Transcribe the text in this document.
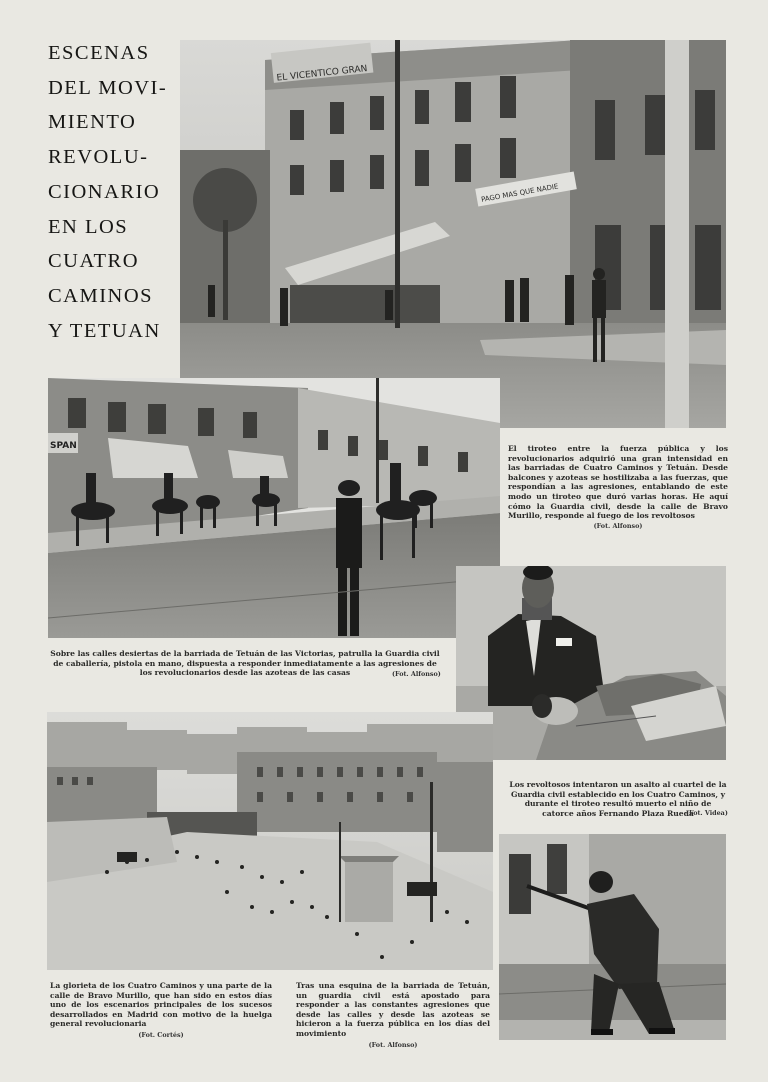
ESCENAS
DEL MOVI-
MIENTO
REVOLU-
CIONARIO
EN LOS
CUATRO
CAMINOS
Y TETUAN
EL VICENTICO GRAN
PAGO MAS QUE NADIE
SPAN	El tiroteo entre la fuerza pública y los revolucionarios adquirió una gran intensidad en las barriadas de Cuatro Caminos y Tetuán. Desde balcones y azoteas se hostilizaba a las fuerzas, que respondían a las agresiones, entablando de este modo un tiroteo que duró varias horas. He aquí cómo la Guardia civil, desde la calle de Bravo Murillo, responde al fuego de los revoltosos
(Fot. Alfonso)
Sobre las calles desiertas de la barriada de Tetuán de las Victorias, patrulla la Guardia civil de caballería, pistola en mano, dispuesta a responder inmediatamente a las agresiones de los revolucionarios desde las azoteas de las casas	(Fot. Alfonso)
Los revoltosos intentaron un asalto al cuartel de la Guardia civil establecido en los Cuatro Caminos, y durante el tiroteo resultó muerto el niño de catorce años Fernando Plaza Rueda
(Fot. Videa)
La glorieta de los Cuatro Caminos y una parte de la calle de Bravo Murillo, que han sido en estos días uno de los escenarios principales de los sucesos desarrollados en Madrid con motivo de la huelga general revolucionaria
(Fot. Cortés)
Tras una esquina de la barriada de Tetuán, un guardia civil está apostado para responder a las constantes agresiones que desde las calles y desde las azoteas se hicieron a la fuerza pública en los días del movimiento
(Fot. Alfonso)
